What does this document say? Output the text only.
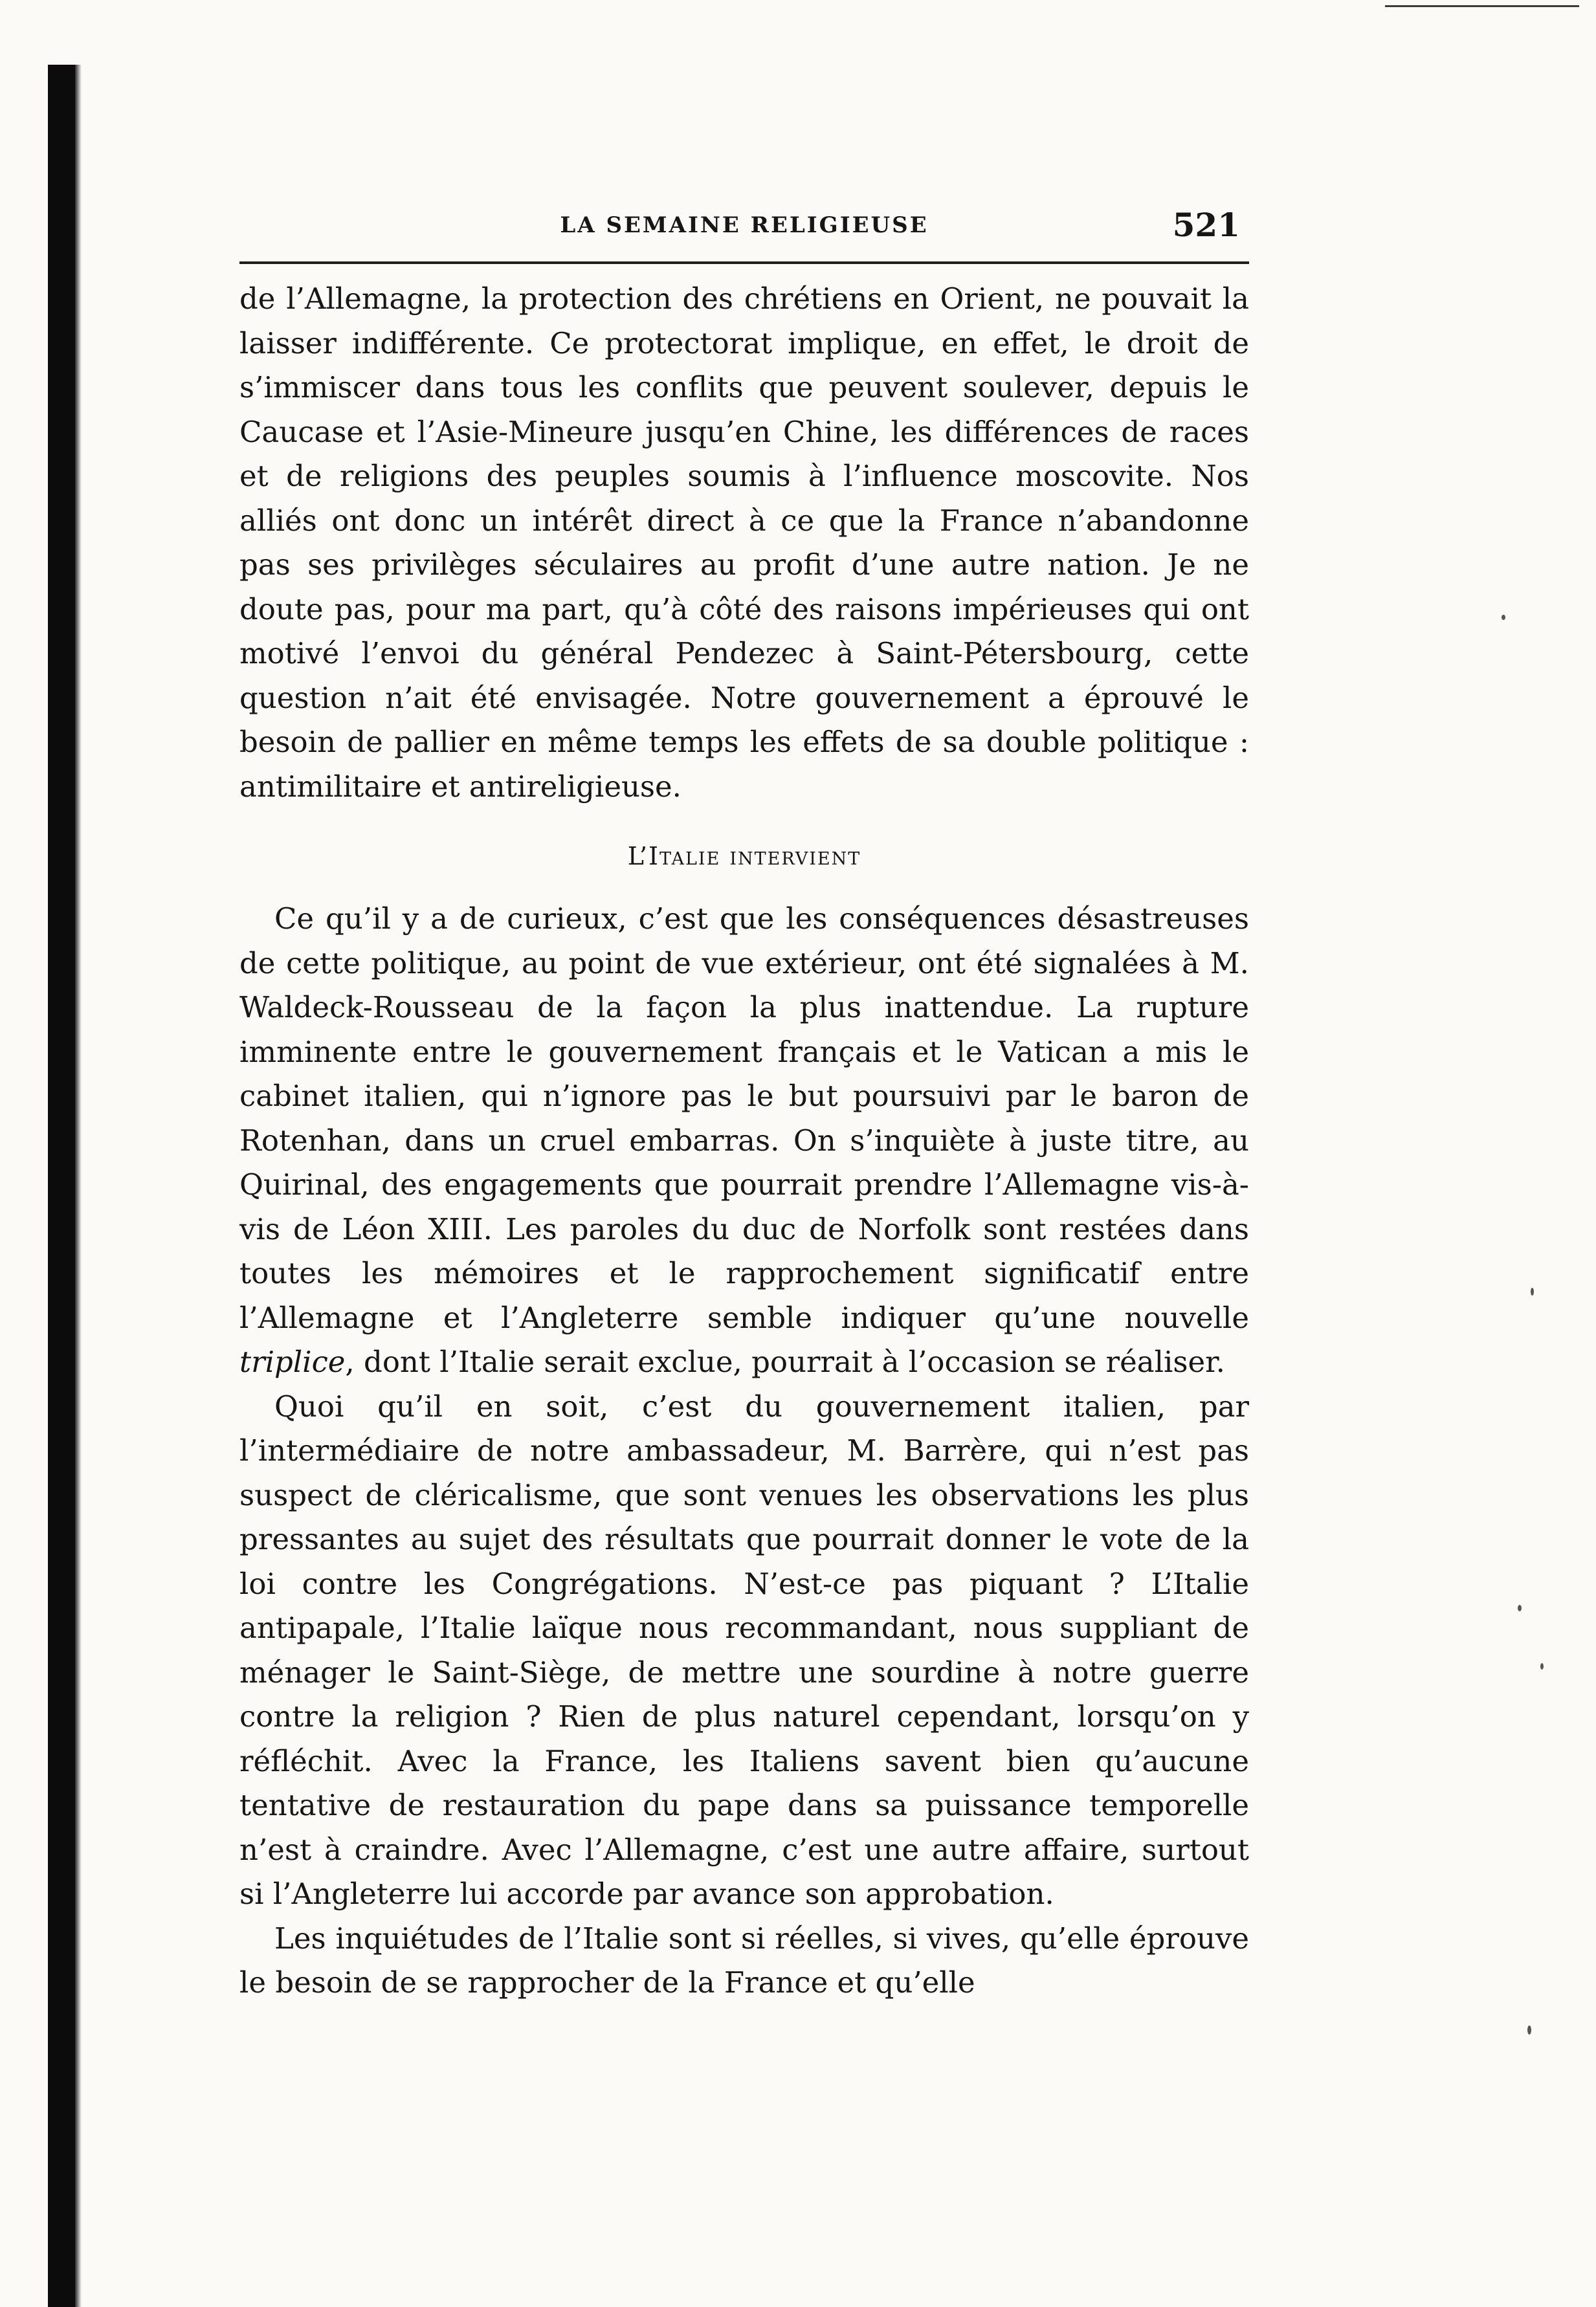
LA SEMAINE RELIGIEUSE	521

de l’Allemagne, la protection des chrétiens en Orient, ne pouvait la laisser indifférente. Ce protectorat implique, en effet, le droit de s’immiscer dans tous les conflits que peuvent soulever, depuis le Caucase et l’Asie-Mineure jusqu’en Chine, les différences de races et de religions des peuples soumis à l’influence moscovite. Nos alliés ont donc un intérêt direct à ce que la France n’abandonne pas ses privilèges séculaires au profit d’une autre nation. Je ne doute pas, pour ma part, qu’à côté des raisons impérieuses qui ont motivé l’envoi du général Pendezec à Saint-Pétersbourg, cette question n’ait été envisagée. Notre gouvernement a éprouvé le besoin de pallier en même temps les effets de sa double politique : antimilitaire et antireligieuse.

L’Italie intervient

Ce qu’il y a de curieux, c’est que les conséquences désastreuses de cette politique, au point de vue extérieur, ont été signalées à M. Waldeck-Rousseau de la façon la plus inattendue. La rupture imminente entre le gouvernement français et le Vatican a mis le cabinet italien, qui n’ignore pas le but poursuivi par le baron de Rotenhan, dans un cruel embarras. On s’inquiète à juste titre, au Quirinal, des engagements que pourrait prendre l’Allemagne vis-à-vis de Léon XIII. Les paroles du duc de Norfolk sont restées dans toutes les mémoires et le rapprochement significatif entre l’Allemagne et l’Angleterre semble indiquer qu’une nouvelle triplice, dont l’Italie serait exclue, pourrait à l’occasion se réaliser.

Quoi qu’il en soit, c’est du gouvernement italien, par l’intermédiaire de notre ambassadeur, M. Barrère, qui n’est pas suspect de cléricalisme, que sont venues les observations les plus pressantes au sujet des résultats que pourrait donner le vote de la loi contre les Congrégations. N’est-ce pas piquant ? L’Italie antipapale, l’Italie laïque nous recommandant, nous suppliant de ménager le Saint-Siège, de mettre une sourdine à notre guerre contre la religion ? Rien de plus naturel cependant, lorsqu’on y réfléchit. Avec la France, les Italiens savent bien qu’aucune tentative de restauration du pape dans sa puissance temporelle n’est à craindre. Avec l’Allemagne, c’est une autre affaire, surtout si l’Angleterre lui accorde par avance son approbation.

Les inquiétudes de l’Italie sont si réelles, si vives, qu’elle éprouve le besoin de se rapprocher de la France et qu’elle
